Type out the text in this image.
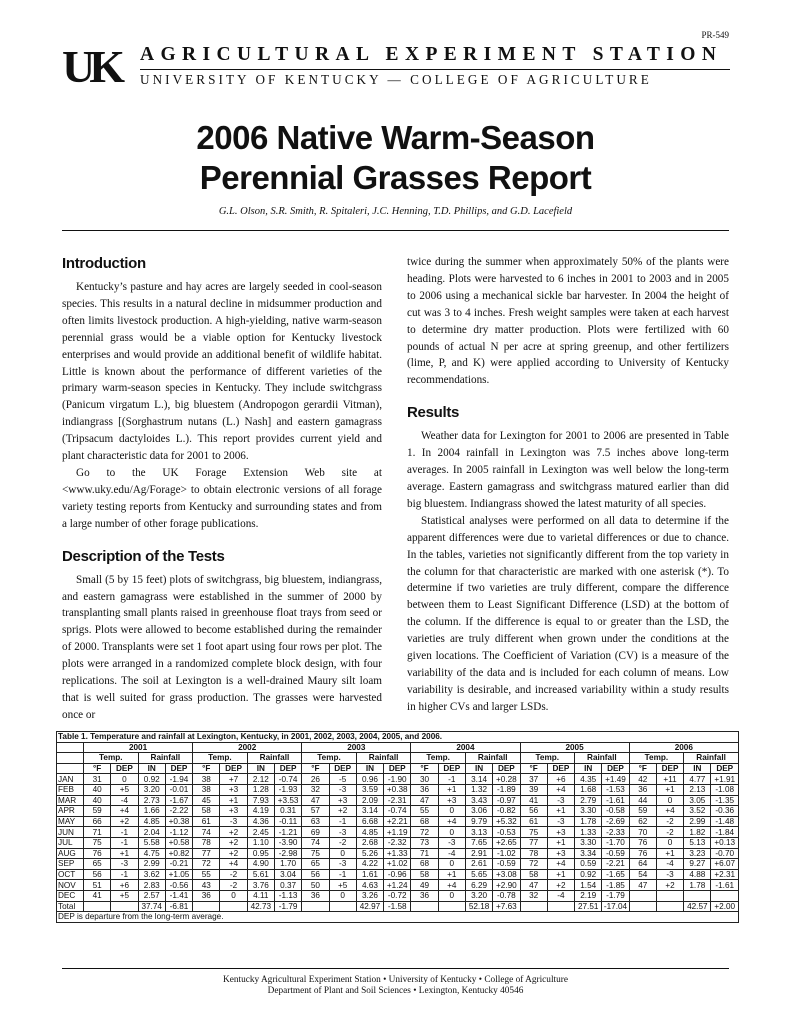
PR-549
UK	AGRICULTURAL EXPERIMENT STATION
UNIVERSITY OF KENTUCKY — COLLEGE OF AGRICULTURE
2006 Native Warm-Season
Perennial Grasses Report
G.L. Olson, S.R. Smith, R. Spitaleri, J.C. Henning, T.D. Phillips, and G.D. Lacefield
Introduction

Kentucky’s pasture and hay acres are largely seeded in cool-season species. This results in a natural decline in midsummer production and often limits livestock production. A high-yielding, native warm-season perennial grass would be a viable option for Kentucky livestock enterprises and would provide an additional benefit of wildlife habitat. Little is known about the performance of different varieties of the primary warm-season species in Kentucky. They include switchgrass (Panicum virgatum L.), big bluestem (Andropogon gerardii Vitman), indiangrass [(Sorghastrum nutans (L.) Nash] and eastern gamagrass (Tripsacum dactyloides L.). This report provides current yield and plant characteristic data for 2001 to 2006.

Go to the UK Forage Extension Web site at <www.uky.edu/Ag/Forage> to obtain electronic versions of all forage variety testing reports from Kentucky and surrounding states and from a large number of other forage publications.

Description of the Tests

Small (5 by 15 feet) plots of switchgrass, big bluestem, indiangrass, and eastern gamagrass were established in the summer of 2000 by transplanting small plants raised in greenhouse float trays from seed or sprigs. Plots were allowed to become established during the remainder of 2000. Transplants were set 1 foot apart using four rows per plot. The plots were arranged in a randomized complete block design, with four replications. The soil at Lexington is a well-drained Maury silt loam that is well suited for grass production. The grasses were harvested once or

twice during the summer when approximately 50% of the plants were heading. Plots were harvested to 6 inches in 2001 to 2003 and in 2005 to 2006 using a mechanical sickle bar harvester. In 2004 the height of cut was 3 to 4 inches. Fresh weight samples were taken at each harvest to determine dry matter production. Plots were fertilized with 60 pounds of actual N per acre at spring greenup, and other fertilizers (lime, P, and K) were applied according to University of Kentucky recommendations.

Results

Weather data for Lexington for 2001 to 2006 are presented in Table 1. In 2004 rainfall in Lexington was 7.5 inches above long-term averages. In 2005 rainfall in Lexington was well below the long-term average. Eastern gamagrass and switchgrass matured earlier than did big bluestem. Indiangrass showed the latest maturity of all species.

Statistical analyses were performed on all data to determine if the apparent differences were due to varietal differences or due to chance. In the tables, varieties not significantly different from the top variety in the column for that characteristic are marked with one asterisk (*). To determine if two varieties are truly different, compare the difference between them to Least Significant Difference (LSD) at the bottom of the column. If the difference is equal to or greater than the LSD, the varieties are truly different when grown under the conditions at the given locations. The Coefficient of Variation (CV) is a measure of the variability of the data and is included for each column of means. Low variability is desirable, and increased variability within a study results in higher CVs and larger LSDs.

Table 1. Temperature and rainfall at Lexington, Kentucky, in 2001, 2002, 2003, 2004, 2005, and 2006.																								
	2001				2002				2003				2004				2005				2006			
	Temp.		Rainfall		Temp.		Rainfall		Temp.		Rainfall		Temp.		Rainfall		Temp.		Rainfall		Temp.		Rainfall	
	°F	DEP	IN	DEP	°F	DEP	IN	DEP	°F	DEP	IN	DEP	°F	DEP	IN	DEP	°F	DEP	IN	DEP	°F	DEP	IN	DEP
JAN	31	0	0.92	-1.94	38	+7	2.12	-0.74	26	-5	0.96	-1.90	30	-1	3.14	+0.28	37	+6	4.35	+1.49	42	+11	4.77	+1.91
FEB	40	+5	3.20	-0.01	38	+3	1.28	-1.93	32	-3	3.59	+0.38	36	+1	1.32	-1.89	39	+4	1.68	-1.53	36	+1	2.13	-1.08
MAR	40	-4	2.73	-1.67	45	+1	7.93	+3.53	47	+3	2.09	-2.31	47	+3	3.43	-0.97	41	-3	2.79	-1.61	44	0	3.05	-1.35
APR	59	+4	1.66	-2.22	58	+3	4.19	0.31	57	+2	3.14	-0.74	55	0	3.06	-0.82	56	+1	3.30	-0.58	59	+4	3.52	-0.36
MAY	66	+2	4.85	+0.38	61	-3	4.36	-0.11	63	-1	6.68	+2.21	68	+4	9.79	+5.32	61	-3	1.78	-2.69	62	-2	2.99	-1.48
JUN	71	-1	2.04	-1.12	74	+2	2.45	-1.21	69	-3	4.85	+1.19	72	0	3.13	-0.53	75	+3	1.33	-2.33	70	-2	1.82	-1.84
JUL	75	-1	5.58	+0.58	78	+2	1.10	-3.90	74	-2	2.68	-2.32	73	-3	7.65	+2.65	77	+1	3.30	-1.70	76	0	5.13	+0.13
AUG	76	+1	4.75	+0.82	77	+2	0.95	-2.98	75	0	5.26	+1.33	71	-4	2.91	-1.02	78	+3	3.34	-0.59	76	+1	3.23	-0.70
SEP	65	-3	2.99	-0.21	72	+4	4.90	1.70	65	-3	4.22	+1.02	68	0	2.61	-0.59	72	+4	0.59	-2.21	64	-4	9.27	+6.07
OCT	56	-1	3.62	+1.05	55	-2	5.61	3.04	56	-1	1.61	-0.96	58	+1	5.65	+3.08	58	+1	0.92	-1.65	54	-3	4.88	+2.31
NOV	51	+6	2.83	-0.56	43	-2	3.76	0.37	50	+5	4.63	+1.24	49	+4	6.29	+2.90	47	+2	1.54	-1.85	47	+2	1.78	-1.61
DEC	41	+5	2.57	-1.41	36	0	4.11	-1.13	36	0	3.26	-0.72	36	0	3.20	-0.78	32	-4	2.19	-1.79				
Total			37.74	-6.81			42.73	-1.79			42.97	-1.58			52.18	+7.63			27.51	-17.04			42.57	+2.00
DEP is departure from the long-term average.																								
Kentucky Agricultural Experiment Station • University of Kentucky • College of Agriculture
Department of Plant and Soil Sciences • Lexington, Kentucky 40546
